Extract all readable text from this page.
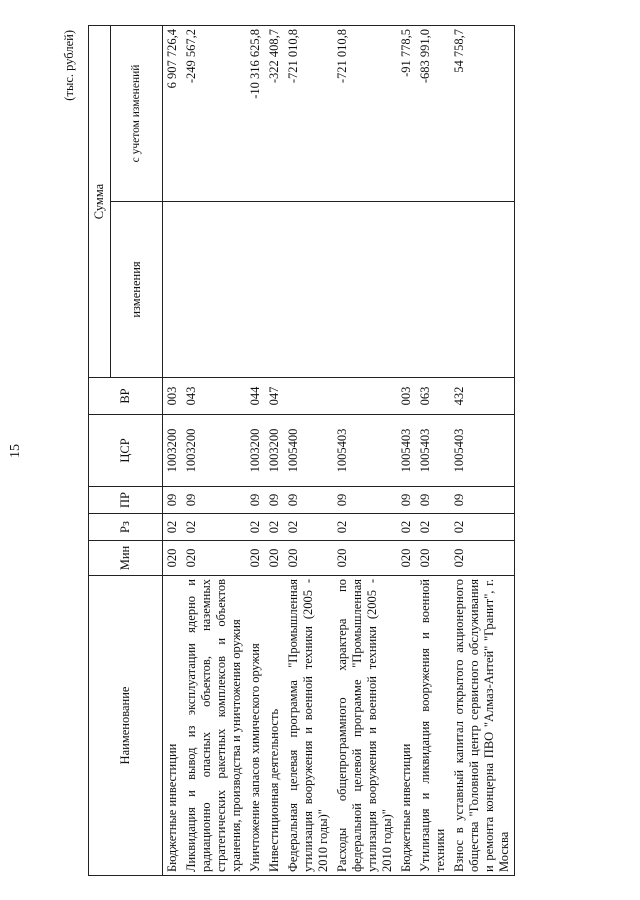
15
(тыс. рублей)
Наименование	Мин	Рз	ПР	ЦСР	ВР	Сумма	
						изменения	с учетом изменений
Бюджетные инвестиции	020	02	09	1003200	003		6 907 726,4
Ликвидация и вывод из эксплуатации ядерно и радиационно опасных объектов, наземных стратегических ракетных комплексов и объектов хранения, производства и уничтожения оружия	020	02	09	1003200	043		-249 567,2
Уничтожение запасов химического оружия	020	02	09	1003200	044		-10 316 625,8
Инвестиционная деятельность	020	02	09	1003200	047		-322 408,7
Федеральная целевая программа "Промышленная утилизация вооружения и военной техники (2005 - 2010 годы)"	020	02	09	1005400			-721 010,8
Расходы общепрограммного характера по федеральной целевой программе "Промышленная утилизация вооружения и военной техники (2005 - 2010 годы)"	020	02	09	1005403			-721 010,8
Бюджетные инвестиции	020	02	09	1005403	003		-91 778,5
Утилизация и ликвидация вооружения и военной техники	020	02	09	1005403	063		-683 991,0
Взнос в уставный капитал открытого акционерного общества "Головной центр сервисного обслуживания и ремонта концерна ПВО "Алмаз-Антей" "Гранит", г. Москва	020	02	09	1005403	432		54 758,7
